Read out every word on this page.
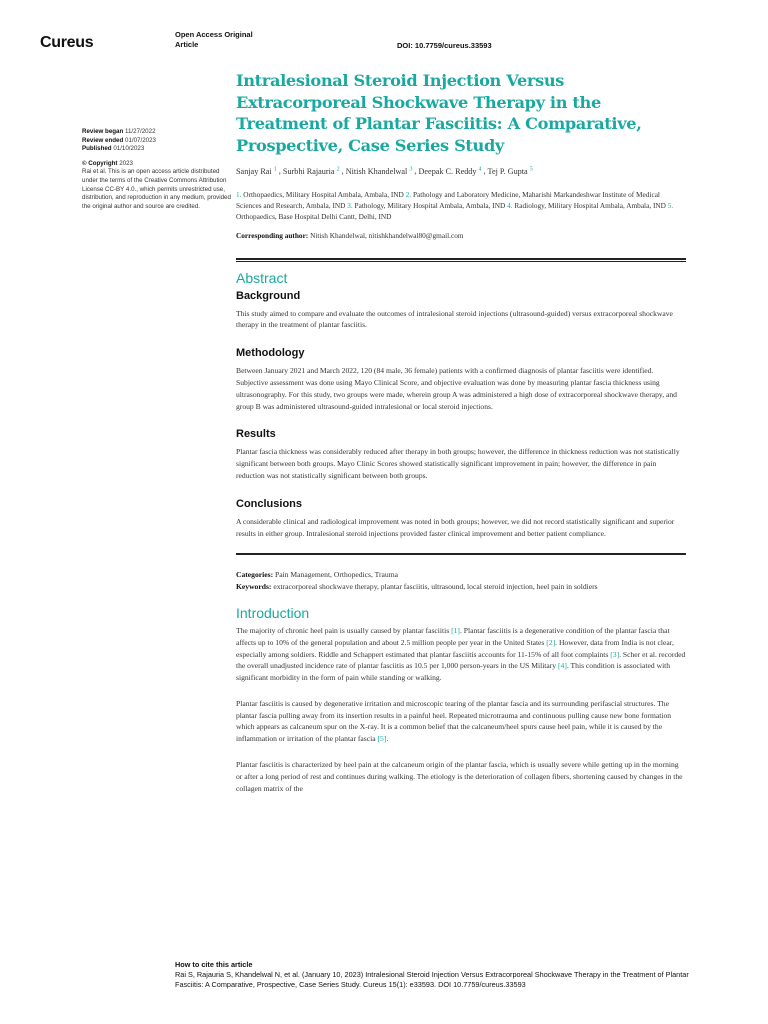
Cureus	Open Access Original
Article	DOI: 10.7759/cureus.33593
Review began 11/27/2022
Review ended 01/07/2023
Published 01/10/2023
© Copyright 2023
Rai et al. This is an open access article distributed under the terms of the Creative Commons Attribution License CC-BY 4.0., which permits unrestricted use, distribution, and reproduction in any medium, provided the original author and source are credited.
Intralesional Steroid Injection Versus Extracorporeal Shockwave Therapy in the Treatment of Plantar Fasciitis: A Comparative, Prospective, Case Series Study
Sanjay Rai $^1$ , Surbhi Rajauria $^2$ , Nitish Khandelwal $^3$ , Deepak C. Reddy $^4$ , Tej P. Gupta $^5$
1. Orthopaedics, Military Hospital Ambala, Ambala, IND 2. Pathology and Laboratory Medicine, Maharishi Markandeshwar Institute of Medical Sciences and Research, Ambala, IND 3. Pathology, Military Hospital Ambala, Ambala, IND 4. Radiology, Military Hospital Ambala, Ambala, IND 5. Orthopaedics, Base Hospital Delhi Cantt, Delhi, IND
Corresponding author: Nitish Khandelwal, nitishkhandelwal80@gmail.com
Abstract
Background

This study aimed to compare and evaluate the outcomes of intralesional steroid injections (ultrasound-guided) versus extracorporeal shockwave therapy in the treatment of plantar fasciitis.

Methodology

Between January 2021 and March 2022, 120 (84 male, 36 female) patients with a confirmed diagnosis of plantar fasciitis were identified. Subjective assessment was done using Mayo Clinical Score, and objective evaluation was done by measuring plantar fascia thickness using ultrasonography. For this study, two groups were made, wherein group A was administered a high dose of extracorporeal shockwave therapy, and group B was administered ultrasound-guided intralesional or local steroid injections.

Results

Plantar fascia thickness was considerably reduced after therapy in both groups; however, the difference in thickness reduction was not statistically significant between both groups. Mayo Clinic Scores showed statistically significant improvement in pain; however, the difference in pain reduction was not statistically significant between both groups.

Conclusions

A considerable clinical and radiological improvement was noted in both groups; however, we did not record statistically significant and superior results in either group. Intralesional steroid injections provided faster clinical improvement and better patient compliance.

Categories: Pain Management, Orthopedics, Trauma

Keywords: extracorporeal shockwave therapy, plantar fasciitis, ultrasound, local steroid injection, heel pain in soldiers

Introduction

The majority of chronic heel pain is usually caused by plantar fasciitis [1]. Plantar fasciitis is a degenerative condition of the plantar fascia that affects up to 10% of the general population and about 2.5 million people per year in the United States [2]. However, data from India is not clear, especially among soldiers. Riddle and Schappert estimated that plantar fasciitis accounts for 11-15% of all foot complaints [3]. Scher et al. recorded the overall unadjusted incidence rate of plantar fasciitis as 10.5 per 1,000 person-years in the US Military [4]. This condition is associated with significant morbidity in the form of pain while standing or walking.

Plantar fasciitis is caused by degenerative irritation and microscopic tearing of the plantar fascia and its surrounding perifascial structures. The plantar fascia pulling away from its insertion results in a painful heel. Repeated microtrauma and continuous pulling cause new bone formation which appears as calcaneum spur on the X-ray. It is a common belief that the calcaneum/heel spurs cause heel pain, while it is caused by the inflammation or irritation of the plantar fascia [5].

Plantar fasciitis is characterized by heel pain at the calcaneum origin of the plantar fascia, which is usually severe while getting up in the morning or after a long period of rest and continues during walking. The etiology is the deterioration of collagen fibers, shortening caused by changes in the collagen matrix of the

How to cite this article
Rai S, Rajauria S, Khandelwal N, et al. (January 10, 2023) Intralesional Steroid Injection Versus Extracorporeal Shockwave Therapy in the Treatment of Plantar Fasciitis: A Comparative, Prospective, Case Series Study. Cureus 15(1): e33593. DOI 10.7759/cureus.33593
